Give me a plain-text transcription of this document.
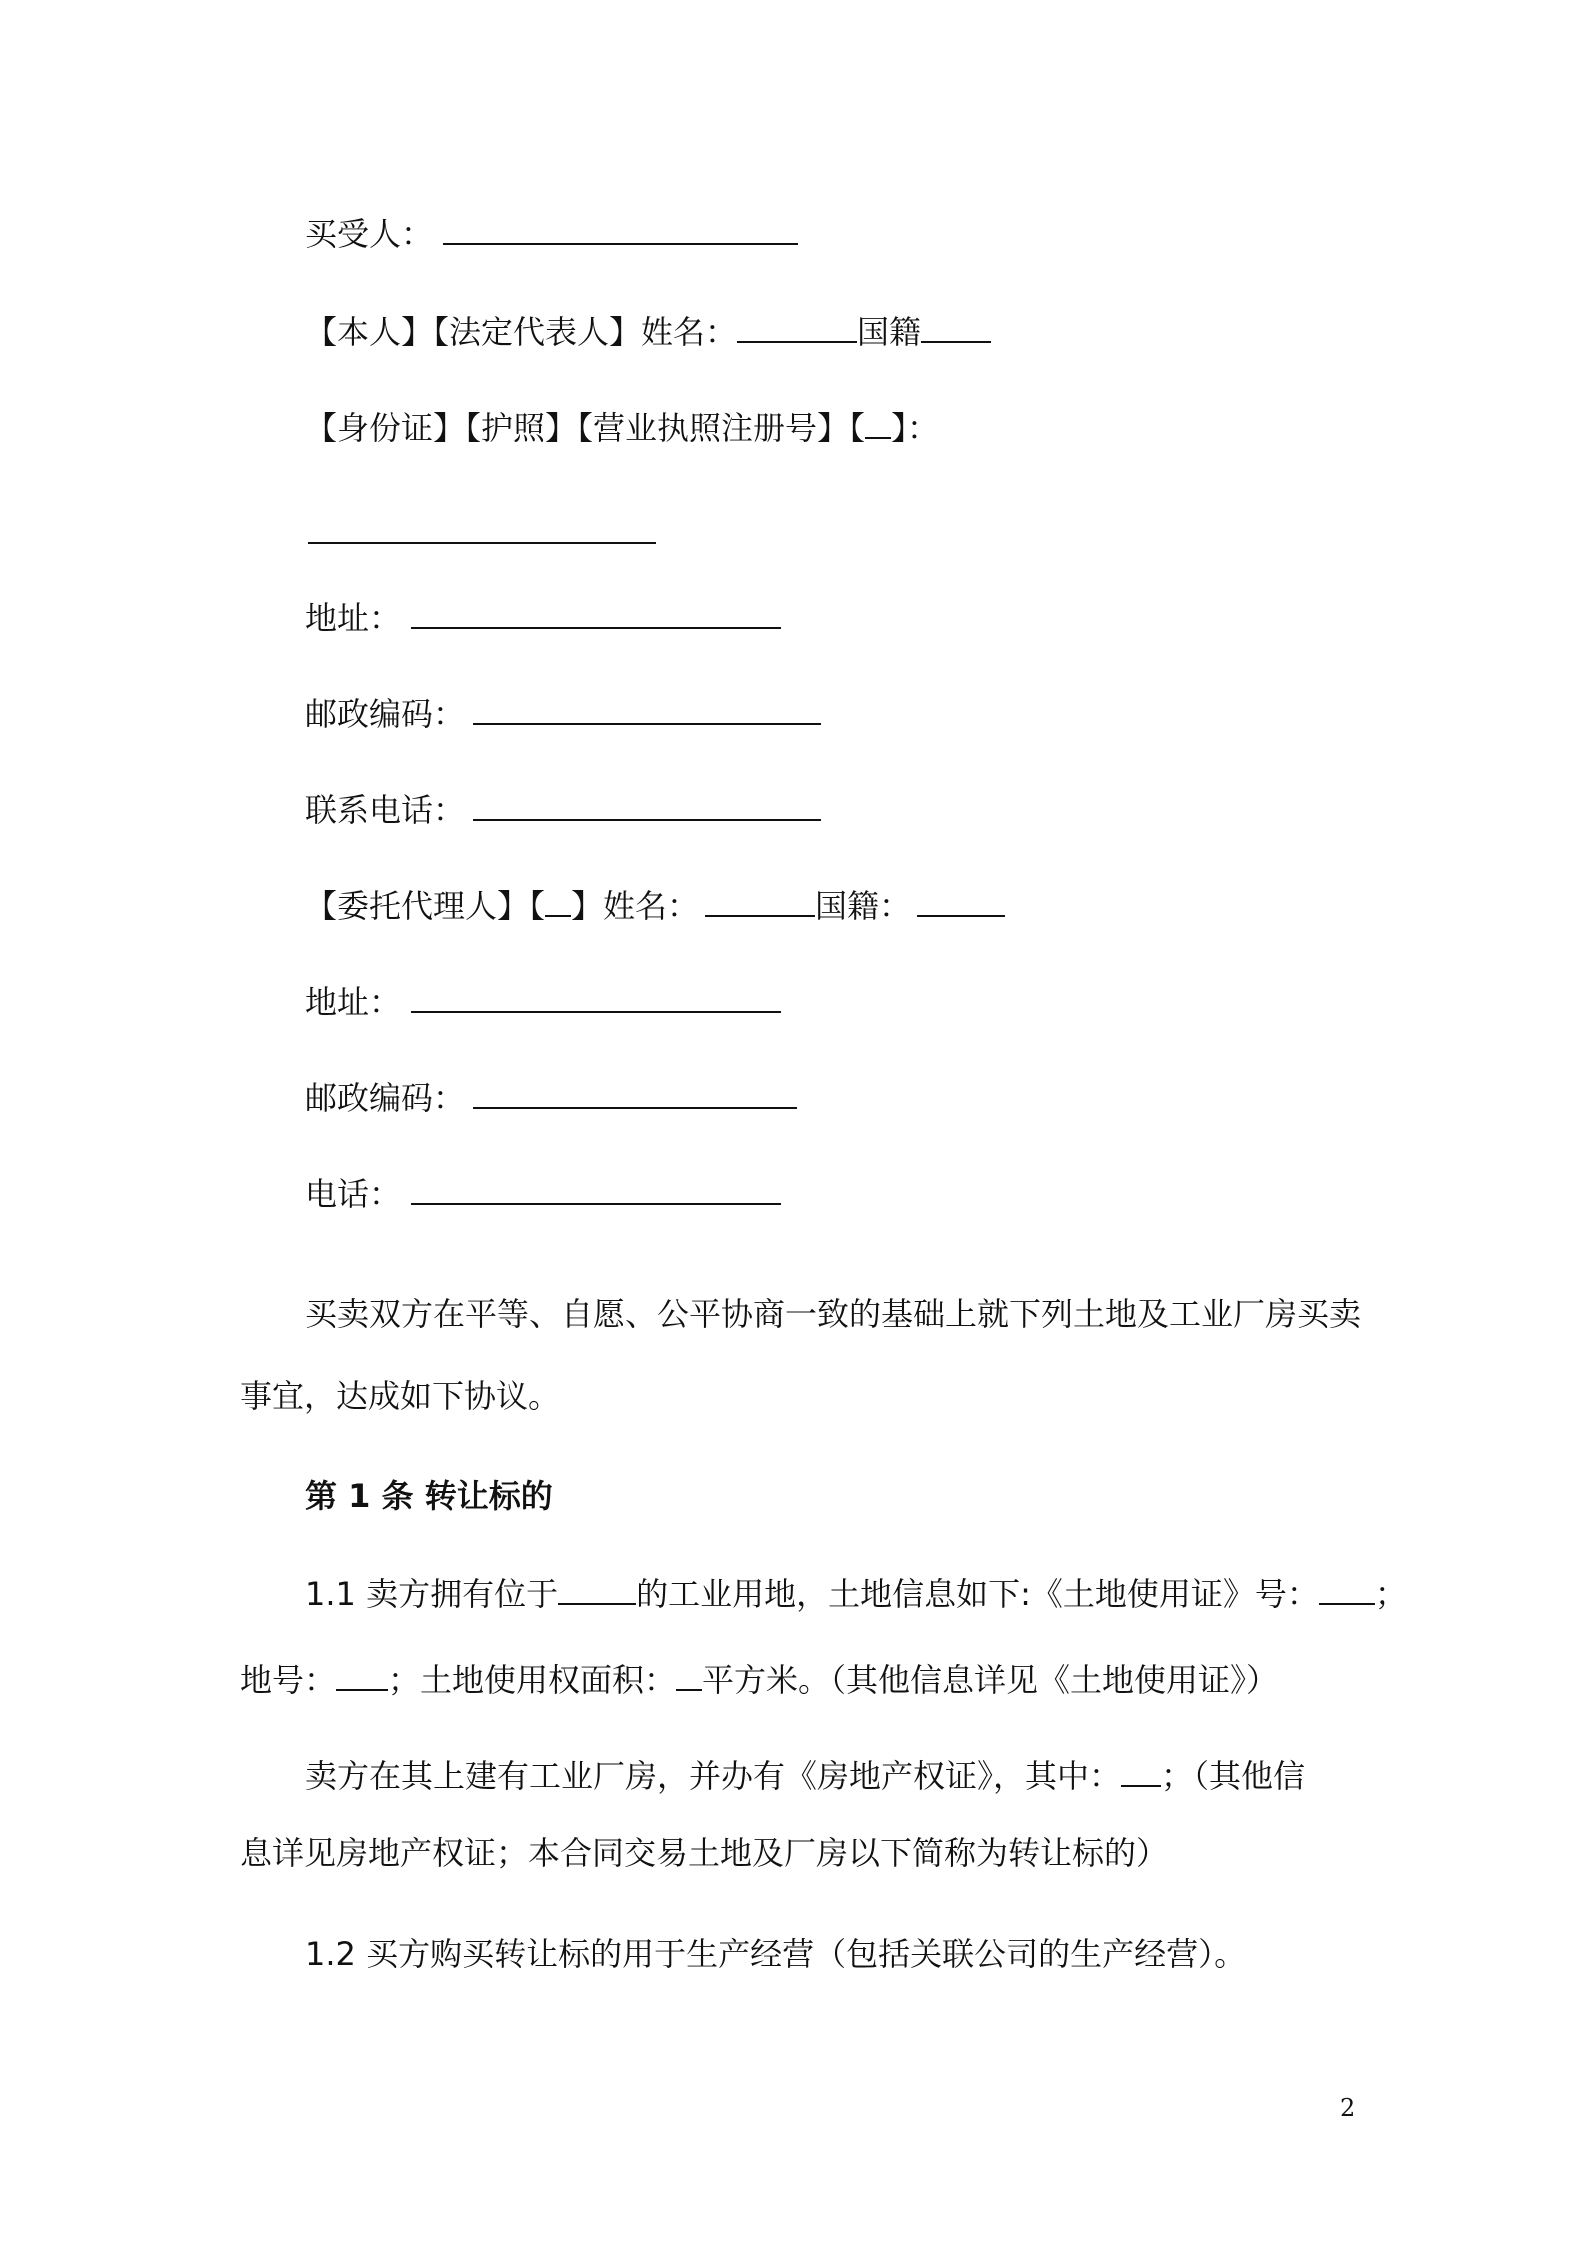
买受人：
【本人】【法定代表人】姓名：	国籍
【身份证】【护照】【营业执照注册号】【 】：
地址：
邮政编码：
联系电话：
【委托代理人】【 】姓名：	国籍：
地址：
邮政编码：
电话：
买卖双方在平等、自愿、公平协商一致的基础上就下列土地及工业厂房买卖
事宜，达成如下协议。
第 1 条 转让标的
1.1 卖方拥有位于 的工业用地，土地信息如下:《土地使用证》号： ；
地号： ；土地使用权面积： 平方米。（其他信息详见《土地使用证》）
卖方在其上建有工业厂房，并办有《房地产权证》，其中： ；（其他信
息详见房地产权证；本合同交易土地及厂房以下简称为转让标的）
1.2 买方购买转让标的用于生产经营（包括关联公司的生产经营）。
2
